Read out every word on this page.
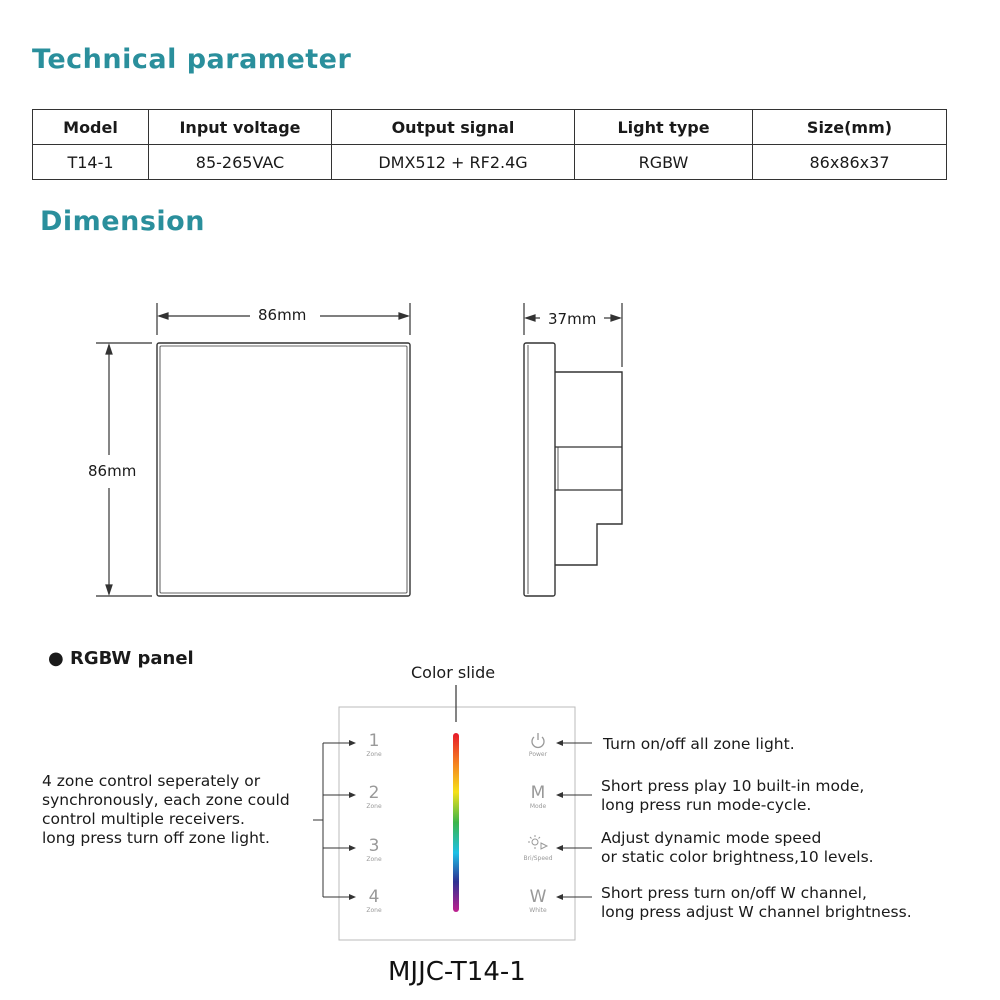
Technical parameter
Model	Input voltage	Output signal	Light type	Size(mm)
T14-1	85-265VAC	DMX512 + RF2.4G	RGBW	86x86x37
Dimension
86mm
86mm
37mm
● RGBW panel
Color slide
1
Zone
2
Zone
3
Zone
4
Zone
Power
M
Mode
Bri/Speed
W
White
4 zone control seperately or
synchronously, each zone could
control multiple receivers.
long press turn off zone light.
Turn on/off all zone light.
Short press play 10 built-in mode,
long press run mode-cycle.
Adjust dynamic mode speed
or static color brightness,10 levels.
Short press turn on/off W channel,
long press adjust W channel brightness.
MJJC-T14-1
